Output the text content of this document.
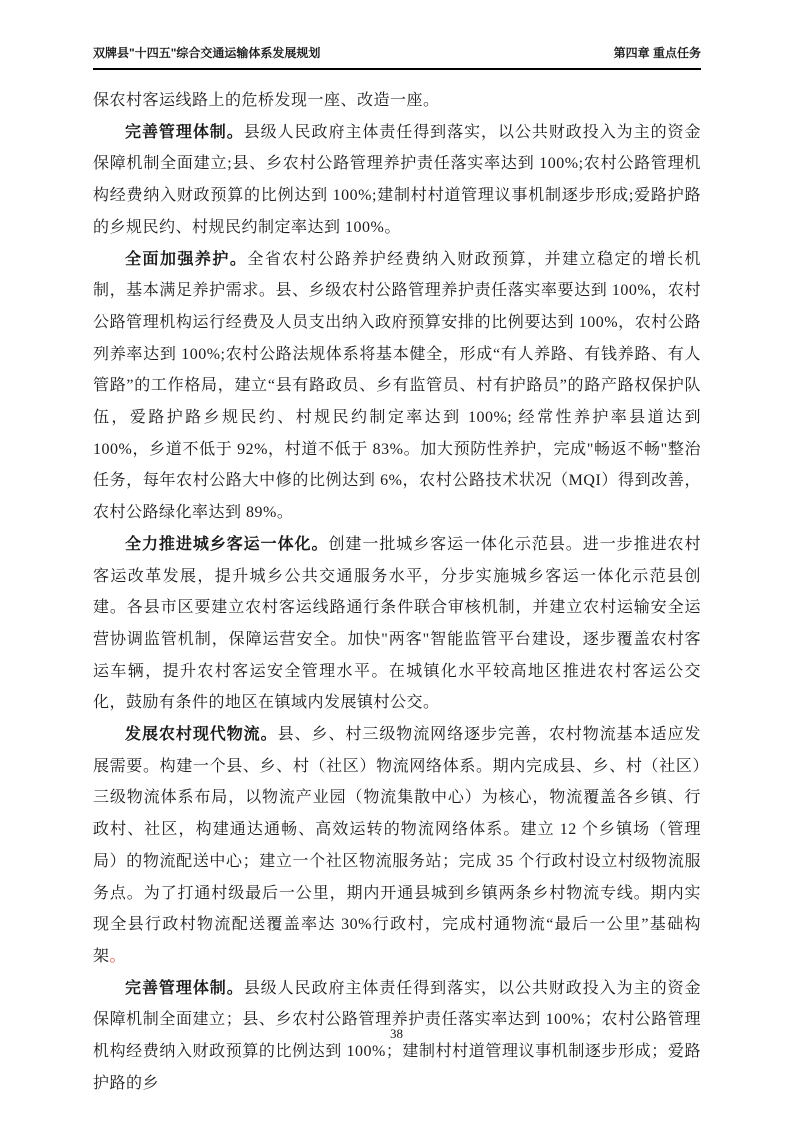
双牌县"十四五"综合交通运输体系发展规划	第四章 重点任务

保农村客运线路上的危桥发现一座、改造一座。

完善管理体制。县级人民政府主体责任得到落实，以公共财政投入为主的资金保障机制全面建立;县、乡农村公路管理养护责任落实率达到 100%;农村公路管理机构经费纳入财政预算的比例达到 100%;建制村村道管理议事机制逐步形成;爱路护路的乡规民约、村规民约制定率达到 100%。

全面加强养护。全省农村公路养护经费纳入财政预算，并建立稳定的增长机制，基本满足养护需求。县、乡级农村公路管理养护责任落实率要达到 100%，农村公路管理机构运行经费及人员支出纳入政府预算安排的比例要达到 100%，农村公路列养率达到 100%;农村公路法规体系将基本健全，形成“有人养路、有钱养路、有人管路”的工作格局，建立“县有路政员、乡有监管员、村有护路员”的路产路权保护队伍，爱路护路乡规民约、村规民约制定率达到 100%; 经常性养护率县道达到 100%，乡道不低于 92%，村道不低于 83%。加大预防性养护，完成"畅返不畅"整治任务，每年农村公路大中修的比例达到 6%，农村公路技术状况（MQI）得到改善，农村公路绿化率达到 89%。

全力推进城乡客运一体化。创建一批城乡客运一体化示范县。进一步推进农村客运改革发展，提升城乡公共交通服务水平，分步实施城乡客运一体化示范县创建。各县市区要建立农村客运线路通行条件联合审核机制，并建立农村运输安全运营协调监管机制，保障运营安全。加快"两客"智能监管平台建设，逐步覆盖农村客运车辆，提升农村客运安全管理水平。在城镇化水平较高地区推进农村客运公交化，鼓励有条件的地区在镇域内发展镇村公交。

发展农村现代物流。县、乡、村三级物流网络逐步完善，农村物流基本适应发展需要。构建一个县、乡、村（社区）物流网络体系。期内完成县、乡、村（社区）三级物流体系布局，以物流产业园（物流集散中心）为核心，物流覆盖各乡镇、行政村、社区，构建通达通畅、高效运转的物流网络体系。建立 12 个乡镇场（管理局）的物流配送中心；建立一个社区物流服务站；完成 35 个行政村设立村级物流服务点。为了打通村级最后一公里，期内开通县城到乡镇两条乡村物流专线。期内实现全县行政村物流配送覆盖率达 30%行政村，完成村通物流“最后一公里”基础构架。

完善管理体制。县级人民政府主体责任得到落实，以公共财政投入为主的资金保障机制全面建立；县、乡农村公路管理养护责任落实率达到 100%；农村公路管理机构经费纳入财政预算的比例达到 100%；建制村村道管理议事机制逐步形成；爱路护路的乡

38
